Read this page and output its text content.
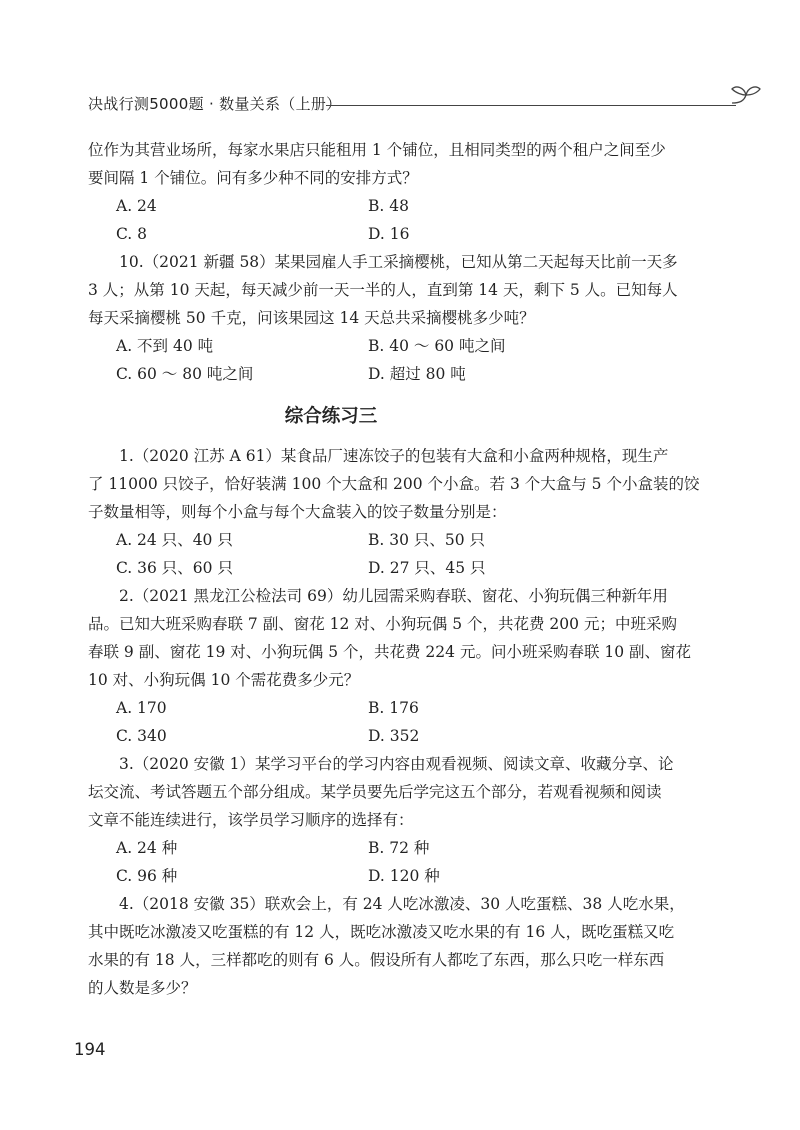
决战行测5000题 · 数量关系（上册）

位作为其营业场所，每家水果店只能租用 1 个铺位，且相同类型的两个租户之间至少

要间隔 1 个铺位。问有多少种不同的安排方式？

A. 24	B. 48
C. 8	D. 16

10.（2021 新疆 58）某果园雇人手工采摘樱桃，已知从第二天起每天比前一天多

3 人；从第 10 天起，每天减少前一天一半的人，直到第 14 天，剩下 5 人。已知每人

每天采摘樱桃 50 千克，问该果园这 14 天总共采摘樱桃多少吨？

A. 不到 40 吨	B. 40 ～ 60 吨之间
C. 60 ～ 80 吨之间	D. 超过 80 吨
综合练习三

1.（2020 江苏 A 61）某食品厂速冻饺子的包装有大盒和小盒两种规格，现生产

了 11000 只饺子，恰好装满 100 个大盒和 200 个小盒。若 3 个大盒与 5 个小盒装的饺

子数量相等，则每个小盒与每个大盒装入的饺子数量分别是：

A. 24 只、40 只	B. 30 只、50 只
C. 36 只、60 只	D. 27 只、45 只

2.（2021 黑龙江公检法司 69）幼儿园需采购春联、窗花、小狗玩偶三种新年用

品。已知大班采购春联 7 副、窗花 12 对、小狗玩偶 5 个，共花费 200 元；中班采购

春联 9 副、窗花 19 对、小狗玩偶 5 个，共花费 224 元。问小班采购春联 10 副、窗花

10 对、小狗玩偶 10 个需花费多少元？

A. 170	B. 176
C. 340	D. 352

3.（2020 安徽 1）某学习平台的学习内容由观看视频、阅读文章、收藏分享、论

坛交流、考试答题五个部分组成。某学员要先后学完这五个部分，若观看视频和阅读

文章不能连续进行，该学员学习顺序的选择有：

A. 24 种	B. 72 种
C. 96 种	D. 120 种

4.（2018 安徽 35）联欢会上，有 24 人吃冰激凌、30 人吃蛋糕、38 人吃水果，

其中既吃冰激凌又吃蛋糕的有 12 人，既吃冰激凌又吃水果的有 16 人，既吃蛋糕又吃

水果的有 18 人，三样都吃的则有 6 人。假设所有人都吃了东西，那么只吃一样东西

的人数是多少？

194
